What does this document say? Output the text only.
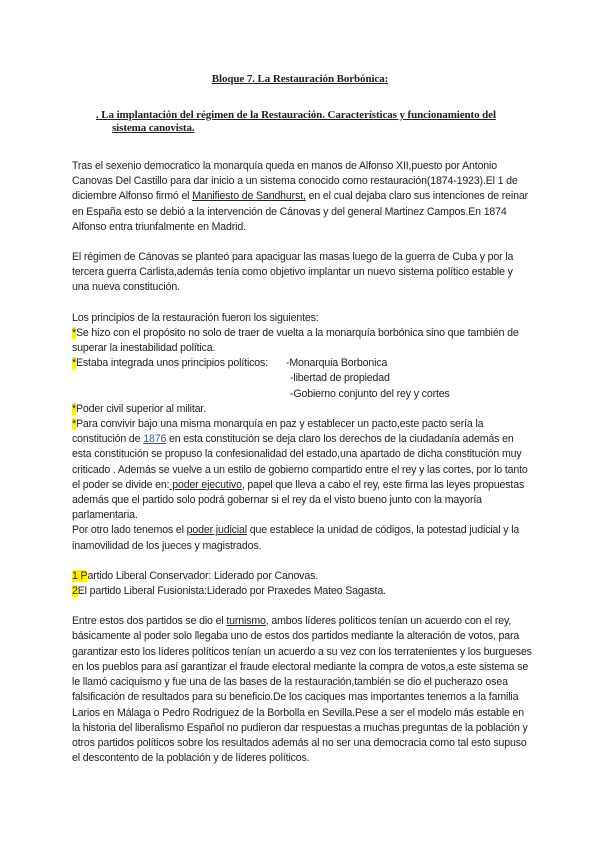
Bloque 7. La Restauración Borbónica:
. La implantación del régimen de la Restauración. Características y funcionamiento del
sistema canovista.

Tras el sexenio democratico la monarquía queda en manos de Alfonso XII,puesto por Antonio Canovas Del Castillo para dar inicio a un sistema conocido como restauración(1874-1923).El 1 de diciembre Alfonso firmó el Manifiesto de Sandhurst, en el cual dejaba claro sus intenciones de reinar en España esto se debió a la intervención de Cánovas y del general Martinez Campos.En 1874 Alfonso entra triunfalmente en Madrid.

El régimen de Cánovas se planteó para apaciguar las masas luego de la guerra de Cuba y por la tercera guerra Carlista,además tenía como objetivo implantar un nuevo sistema político estable y una nueva constitución.

Los principios de la restauración fueron los siguientes:

*Se hizo con el propósito no solo de traer de vuelta a la monarquía borbónica sino que también de superar la inestabilidad política.

*Estaba integrada unos principios políticos:	-Monarquia Borbonica
-libertad de propiedad
-Gobierno conjunto del rey y cortes

*Poder civil superior al militar.

*Para convivir bajo una misma monarquía en paz y establecer un pacto,este pacto sería la constitución de 1876 en esta constitución se deja claro los derechos de la ciudadanía además en esta constitución se propuso la confesionalidad del estado,una apartado de dicha constitución muy criticado . Además se vuelve a un estilo de gobierno compartido entre el rey y las cortes, por lo tanto el poder se divide en: poder ejecutivo, papel que lleva a cabo el rey, este firma las leyes propuestas además que el partido solo podrá gobernar si el rey da el visto bueno junto con la mayoría parlamentaria.

Por otro lado tenemos el poder judicial que establece la unidad de códigos, la potestad judicial y la inamovilidad de los jueces y magistrados.

1 Partido Liberal Conservador: Liderado por Canovas.

2El partido Liberal Fusionista:Liderado por Praxedes Mateo Sagasta.

Entre estos dos partidos se dio el turnismo, ambos líderes políticos tenían un acuerdo con el rey, básicamente al poder solo llegaba uno de estos dos partidos mediante la alteración de votos, para garantizar esto los líderes políticos tenían un acuerdo a su vez con los terratenientes y los burgueses en los pueblos para así garantizar el fraude electoral mediante la compra de votos,a este sistema se le llamó caciquismo y fue una de las bases de la restauración,también se dio el pucherazo osea falsificación de resultados para su beneficio.De los caciques mas importantes tenemos a la familia Larios en Málaga o Pedro Rodriguez de la Borbolla en Sevilla.Pese a ser el modelo más estable en la historia del liberalismo Español no pudieron dar respuestas a muchas preguntas de la población y otros partidos políticos sobre los resultados además al no ser una democracia como tal esto supuso el descontento de la población y de líderes políticos.
